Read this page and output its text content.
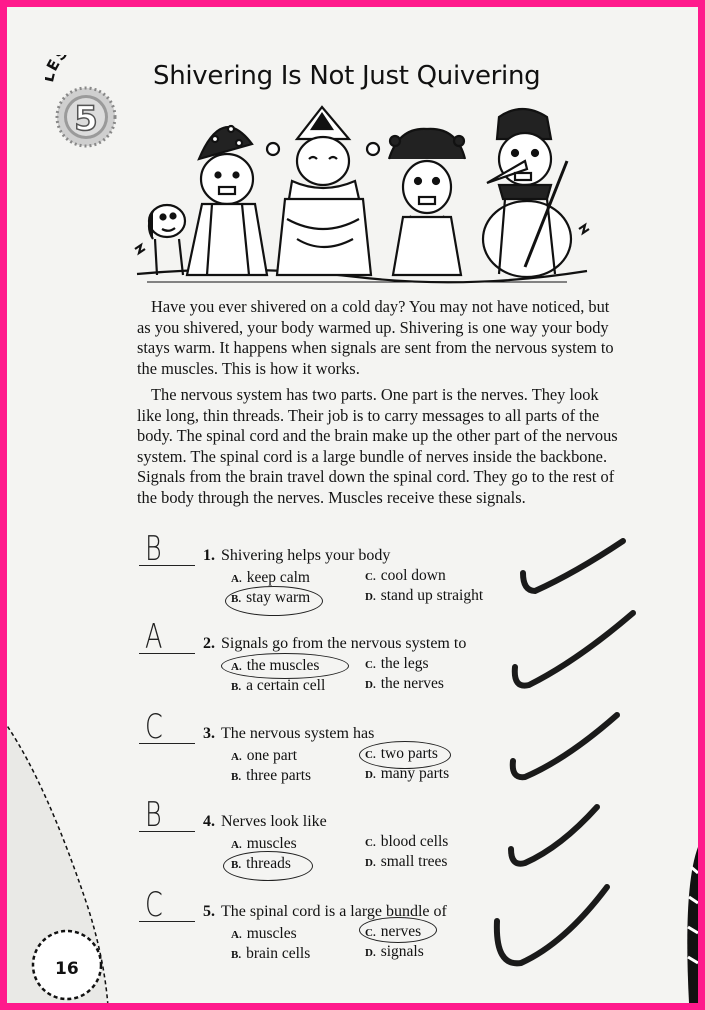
E
5
Shivering Is Not Just Quivering

Have you ever shivered on a cold day? You may not have noticed, but as you shivered, your body warmed up. Shivering is one way your body stays warm. It happens when signals are sent from the nervous system to the muscles. This is how it works.

The nervous system has two parts. One part is the nerves. They look like long, thin threads. Their job is to carry messages to all parts of the body. The spinal cord and the brain make up the other part of the nervous system. The spinal cord is a large bundle of nerves inside the backbone. Signals from the brain travel down the spinal cord. They go to the rest of the body through the nerves. Muscles receive these signals.

B	1. Shivering helps your body
A. keep calm
B. stay warm
C. cool down
D. stand up straight
A	2. Signals go from the nervous system to
A. the muscles
B. a certain cell
C. the legs
D. the nerves
C	3. The nervous system has
A. one part
B. three parts
C. two parts
D. many parts
B	4. Nerves look like
A. muscles
B. threads
C. blood cells
D. small trees
C	5. The spinal cord is a large bundle of
A. muscles
B. brain cells
C. nerves
D. signals
16
